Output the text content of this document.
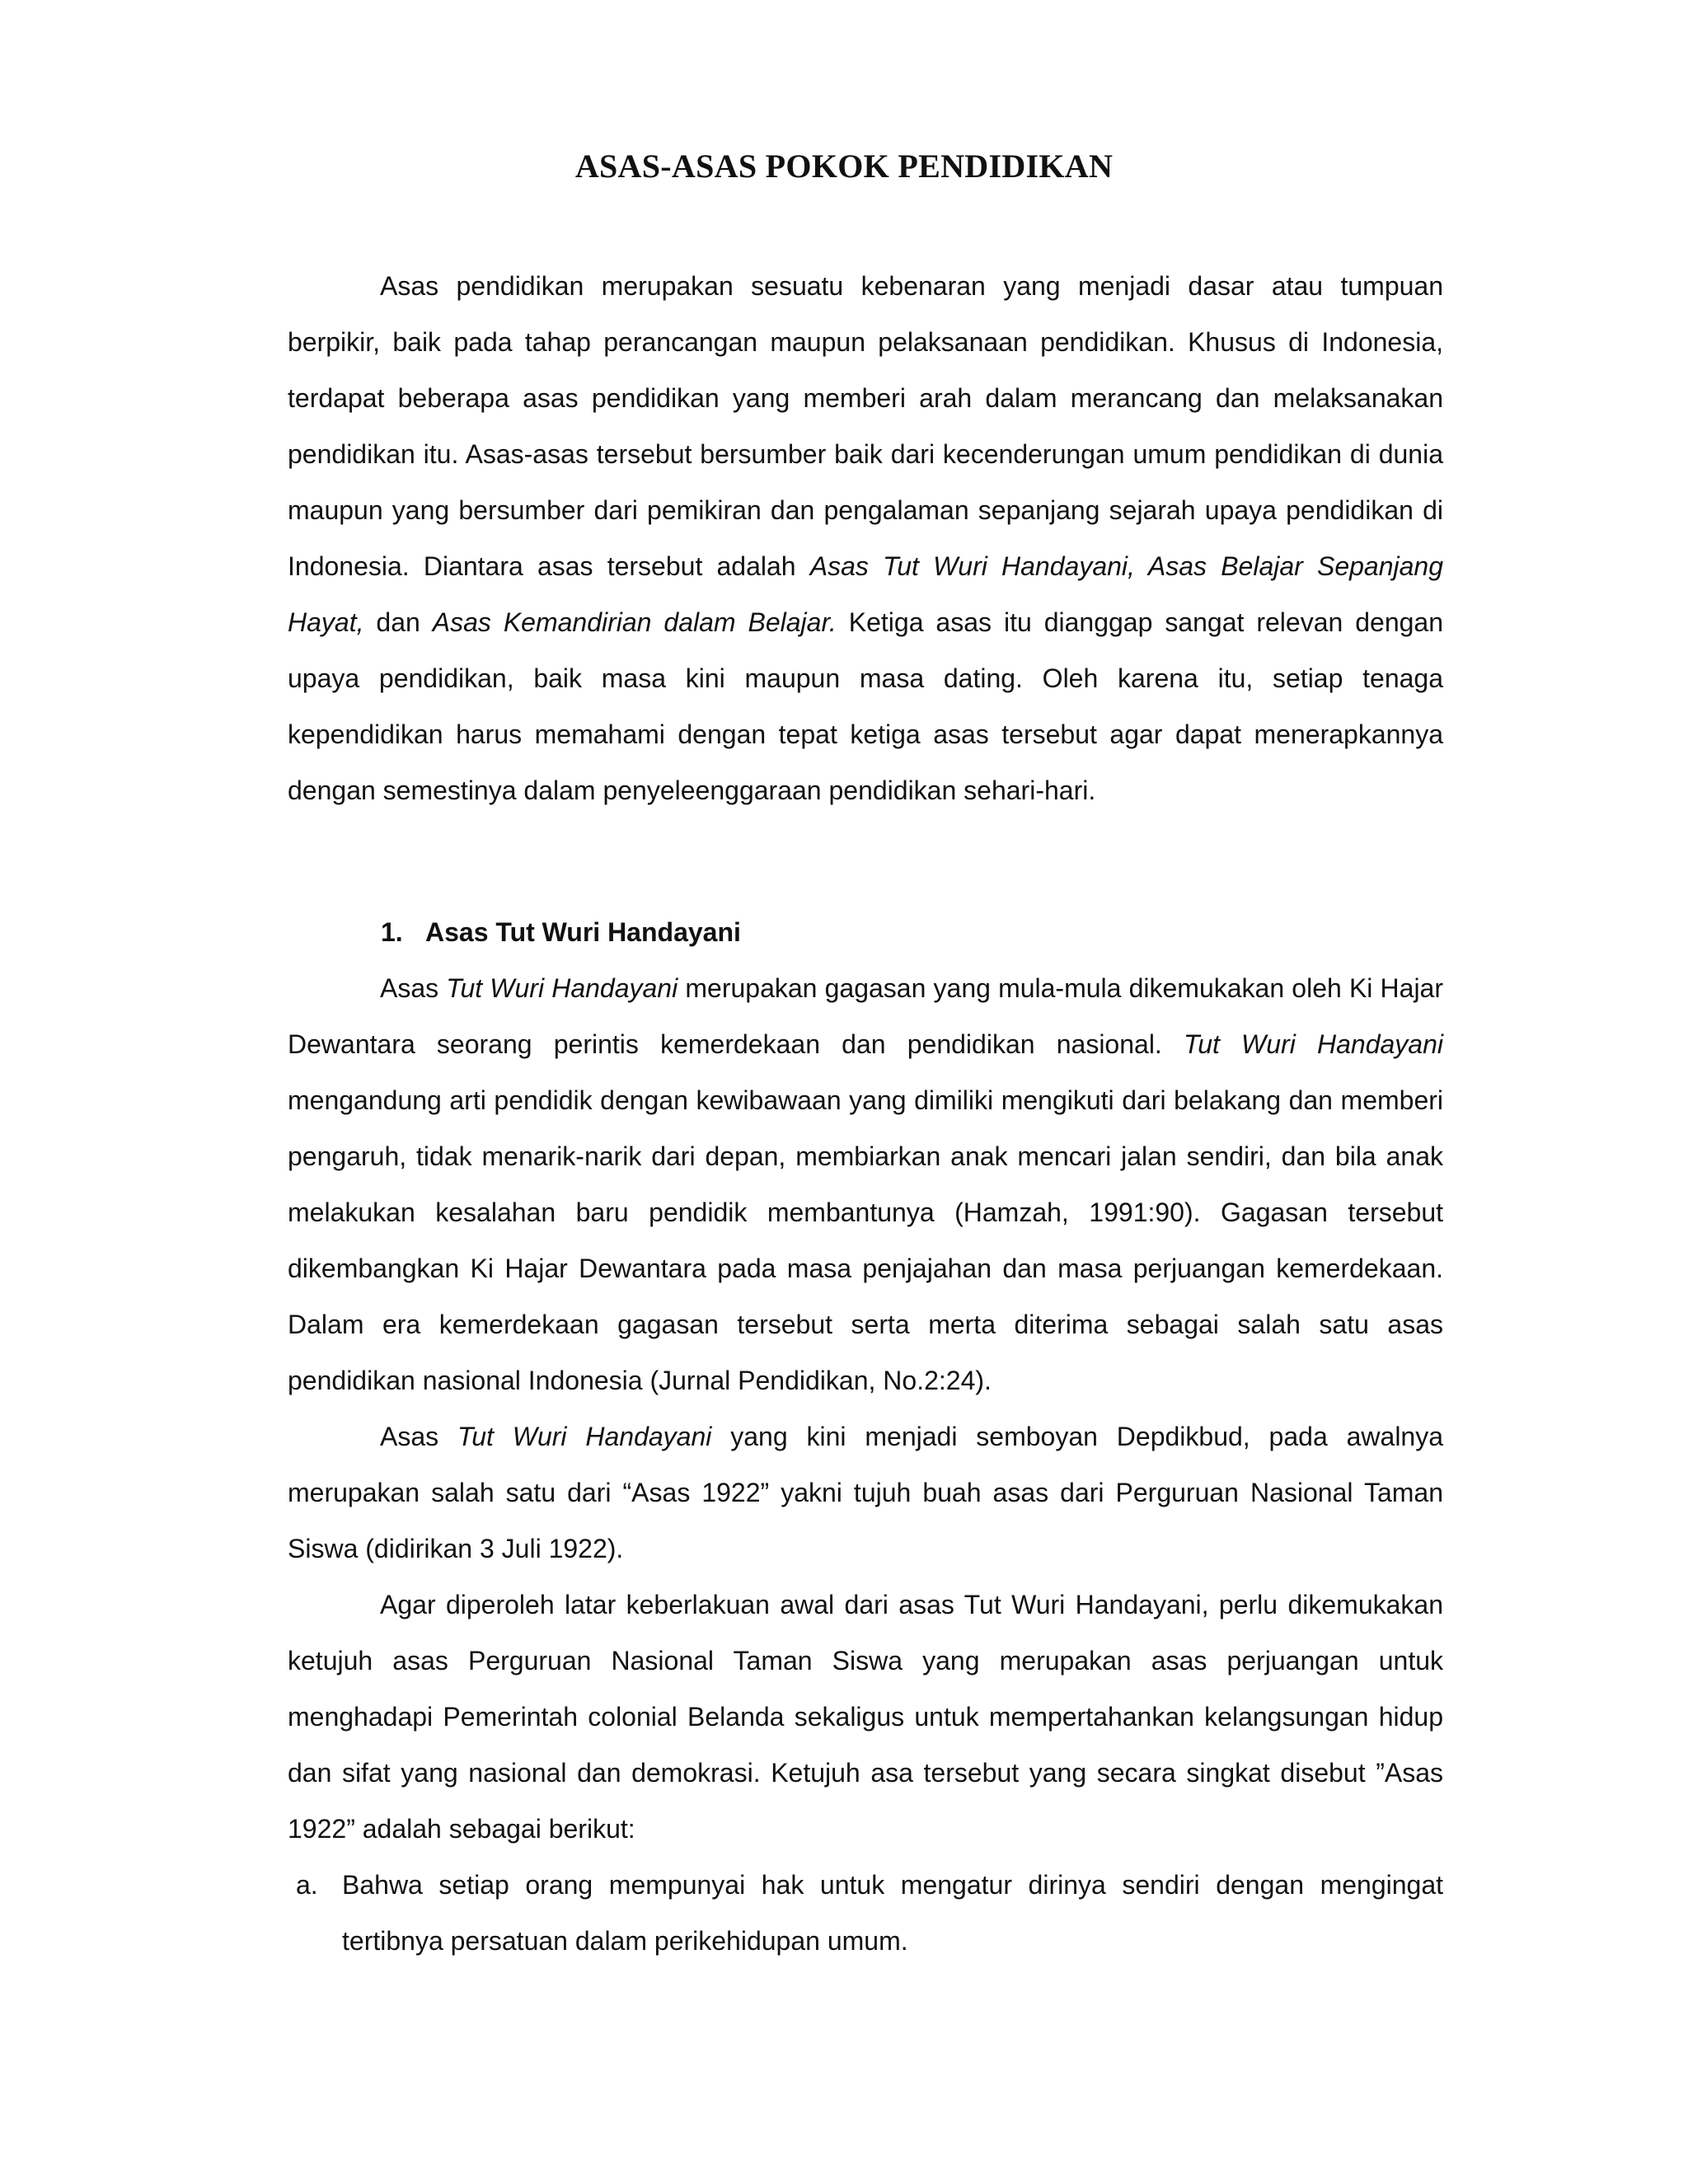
ASAS-ASAS POKOK PENDIDIKAN

Asas pendidikan merupakan sesuatu kebenaran yang menjadi dasar atau tumpuan berpikir, baik pada tahap perancangan maupun pelaksanaan pendidikan. Khusus di Indonesia, terdapat beberapa asas pendidikan yang memberi arah dalam merancang dan melaksanakan pendidikan itu. Asas-asas tersebut bersumber baik dari kecenderungan umum pendidikan di dunia maupun yang bersumber dari pemikiran dan pengalaman sepanjang sejarah upaya pendidikan di Indonesia. Diantara asas tersebut adalah Asas Tut Wuri Handayani, Asas Belajar Sepanjang Hayat, dan Asas Kemandirian dalam Belajar. Ketiga asas itu dianggap sangat relevan dengan upaya pendidikan, baik masa kini maupun masa dating. Oleh karena itu, setiap tenaga kependidikan harus memahami dengan tepat ketiga asas tersebut agar dapat menerapkannya dengan semestinya dalam penyeleenggaraan pendidikan sehari-hari.

1. Asas Tut Wuri Handayani

Asas Tut Wuri Handayani merupakan gagasan yang mula-mula dikemukakan oleh Ki Hajar Dewantara seorang perintis kemerdekaan dan pendidikan nasional. Tut Wuri Handayani mengandung arti pendidik dengan kewibawaan yang dimiliki mengikuti dari belakang dan memberi pengaruh, tidak menarik-narik dari depan, membiarkan anak mencari jalan sendiri, dan bila anak melakukan kesalahan baru pendidik membantunya (Hamzah, 1991:90). Gagasan tersebut dikembangkan Ki Hajar Dewantara pada masa penjajahan dan masa perjuangan kemerdekaan. Dalam era kemerdekaan gagasan tersebut serta merta diterima sebagai salah satu asas pendidikan nasional Indonesia (Jurnal Pendidikan, No.2:24).

Asas Tut Wuri Handayani yang kini menjadi semboyan Depdikbud, pada awalnya merupakan salah satu dari “Asas 1922” yakni tujuh buah asas dari Perguruan Nasional Taman Siswa (didirikan 3 Juli 1922).

Agar diperoleh latar keberlakuan awal dari asas Tut Wuri Handayani, perlu dikemukakan ketujuh asas Perguruan Nasional Taman Siswa yang merupakan asas perjuangan untuk menghadapi Pemerintah colonial Belanda sekaligus untuk mempertahankan kelangsungan hidup dan sifat yang nasional dan demokrasi. Ketujuh asa tersebut yang secara singkat disebut ”Asas 1922” adalah sebagai berikut:

a. Bahwa setiap orang mempunyai hak untuk mengatur dirinya sendiri dengan mengingat tertibnya persatuan dalam perikehidupan umum.
